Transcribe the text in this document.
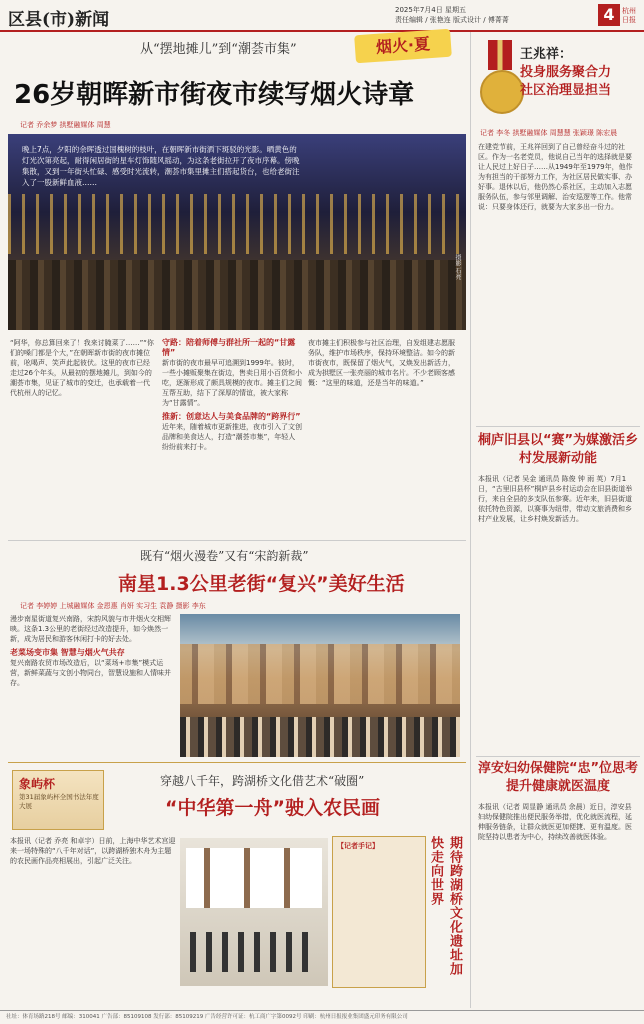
区县(市)新闻	2025年7月4日 星期五
责任编辑 / 张艳连 版式设计 / 傅菁菁	4	杭州日报
从“摆地摊儿”到“潮荟市集”	烟火·夏
26岁朝晖新市街夜市续写烟火诗章
记者 乔余梦 拱墅融媒体 周慧
晚上7点，夕阳的余晖透过国槐树的枝叶，在朝晖新市街洒下斑驳的光影。晒黄色的灯光次第亮起，耐得闲居街的星车灯饰随风摇动，为这条老街拉开了夜市序幕。傍晚集散，又到一年街头忙碌、感受时光流转，潮荟市集里摊主们搭起货台，也给老街注入了一股新鲜血液……
摄影 石亮
“阿华，你总算回来了！我来讨腌菜了……”“你们的嗓门都是个大，”在朝晖新市街的夜市摊位前，吆喝声、笑声此起彼伏。这里的夜市已经走过26个年头，从最初的摆地摊儿，到如今的潮荟市集，见证了城市的变迁，也承载着一代代杭州人的记忆。
守路：陪着师傅与群社所一起的“甘露情”
新市街的夜市最早可追溯到1999年。彼时，一些小摊贩聚集在街边，售卖日用小百货和小吃，逐渐形成了颇具规模的夜市。摊主们之间互帮互助，结下了深厚的情谊，被大家称为“甘露情”。
推新：创意达人与美食品牌的“跨界行”
近年来，随着城市更新推进，夜市引入了文创品牌和美食达人，打造“潮荟市集”，年轻人纷纷前来打卡。
夜市摊主们积极参与社区治理，自发组建志愿服务队，维护市场秩序，保持环境整洁。如今的新市街夜市，既保留了烟火气，又焕发出新活力，成为拱墅区一张亮丽的城市名片。不少老顾客感慨：“这里的味道，还是当年的味道。”
王兆祥：
投身服务聚合力
社区治理显担当
记者 李冬 拱墅融媒体 周慧慧 张颖璟 陈宏晨
在建党节前，王兆祥回到了自己曾经奋斗过的社区。作为一名老党员，他说自己当年的选择就是要让人民过上好日子……从1949年至1979年，他作为有担当的干部努力工作，为社区居民做实事、办好事。退休以后，他仍然心系社区，主动加入志愿服务队伍，参与邻里调解、治安巡逻等工作。他常说：只要身体还行，就要为大家多出一份力。
桐庐旧县以“赛”为媒激活乡村发展新动能
本报讯（记者 吴金 通讯员 陈俊 钟 雨 英）7月1日，“古里旧县杯”桐庐县乡村运动会在旧县街道举行，来自全县的多支队伍参赛。近年来，旧县街道依托特色资源，以赛事为纽带，带动文旅消费和乡村产业发展，让乡村焕发新活力。
淳安妇幼保健院“忠”位思考提升健康就医温度
本报讯（记者 周显静 通讯员 余晨）近日，淳安县妇幼保健院推出便民服务举措，优化就医流程，延伸服务链条，让群众就医更加便捷、更有温度。医院坚持以患者为中心，持续改善就医体验。
既有“烟火漫卷”又有“宋韵新裁”
南星1.3公里老街“复兴”美好生活
记者 李婷婷 上城融媒体 金恩惠 肖妍 实习生 袁静 摄影 李东
漫步南星街道复兴南路，宋韵风貌与市井烟火交相辉映。这条1.3公里的老街经过改造提升，如今焕然一新，成为居民和游客休闲打卡的好去处。
老菜场变市集 智慧与烟火气共存
复兴南路农贸市场改造后，以“菜场+市集”模式运营，新鲜菜蔬与文创小物同台，智慧设施和人情味并存。
象屿杯
第31届象屿杯全国书法年度大展
穿越八千年，跨湖桥文化借艺术“破圈”
“中华第一舟”驶入农民画
本报讯（记者 乔亮 和卓宇）日前，上海中华艺术宫迎来一场特殊的“八千年对话”，以跨湖桥独木舟为主题的农民画作品亮相展出，引起广泛关注。
【记者手记】	期待跨湖桥文化遗址加快走向世界
社址：体育场路218号 邮编：310041 广告部：85109108 发行部：85109219 广告经营许可证：杭工商广字第0092号 印刷：杭州日报报业集团盛元印务有限公司
